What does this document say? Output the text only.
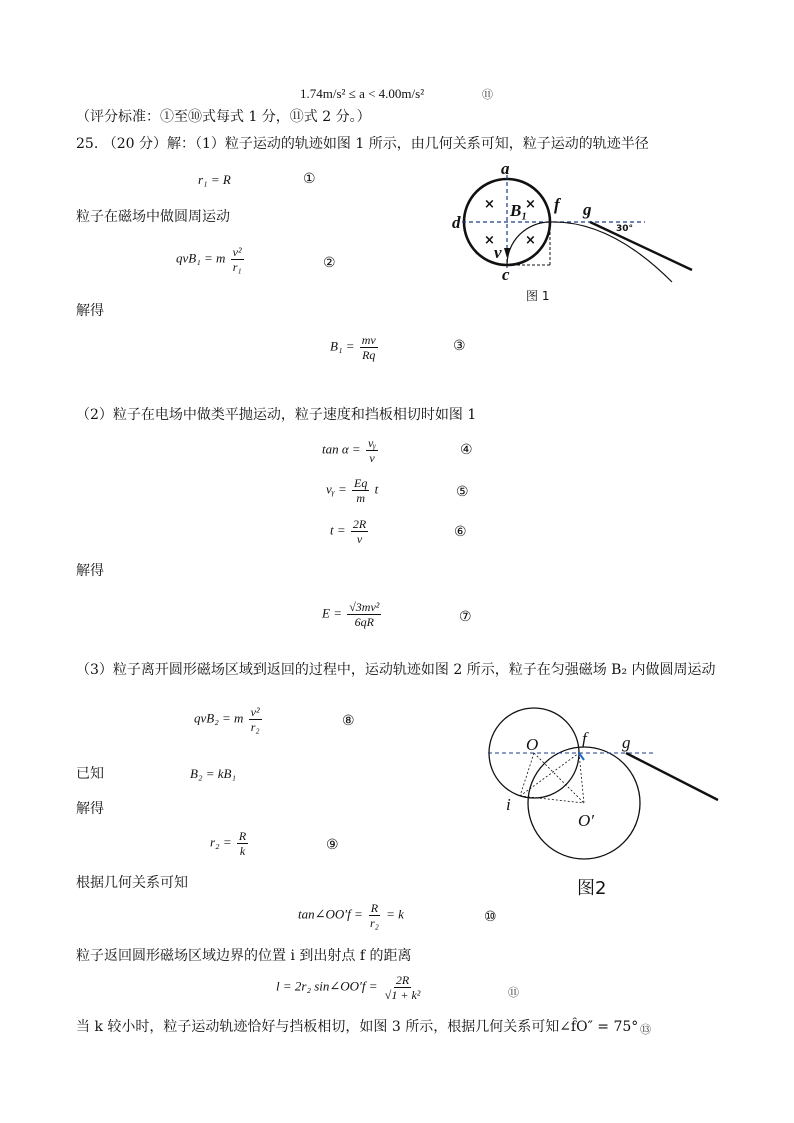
1.74m/s² ≤ a < 4.00m/s²	⑪
（评分标准：①至⑩式每式 1 分，⑪式 2 分。）
25. （20 分）解：（1）粒子运动的轨迹如图 1 所示，由几何关系可知，粒子运动的轨迹半径
r₁ = R	①
粒子在磁场中做圆周运动
qvB₁ = m $\frac{\text{v²}}{\text{r₁}}$	②
解得
$B_1 = \frac{mv}{Rq}$	③
（2）粒子在电场中做类平抛运动，粒子速度和挡板相切时如图 1
$\tan \alpha = \frac{\text{vᵧ}}{v}$	④
vᵧ = $\frac{Eq}{m}$ t	⑤
$t = \frac{2R}{v}$	⑥
解得
$E = \frac{\text{√3mv²}}{6qR}$	⑦
（3）粒子离开圆形磁场区域到返回的过程中，运动轨迹如图 2 所示，粒子在匀强磁场 B₂ 内做圆周运动
qvB₂ = m $\frac{\text{v²}}{\text{r₂}}$	⑧
已知	B₂ = kB₁
解得
$r_2 = \frac{R}{k}$	⑨
根据几何关系可知
tan∠OO′f = $\frac{R}{\text{r₂}} = k$	⑩
粒子返回圆形磁场区域边界的位置 i 到出射点 f 的距离
l = 2r₂ sin∠OO′f = $\frac{2R}{\text{√1 + k²}}$	⑪
当 k 较小时，粒子运动轨迹恰好与挡板相切，如图 3 所示，根据几何关系可知∠f̂O″ = 75° ⑬
× ×
× ×
a
d
c
f g
v
B₁
30°
图 1
O	f g
i
O′
图2
